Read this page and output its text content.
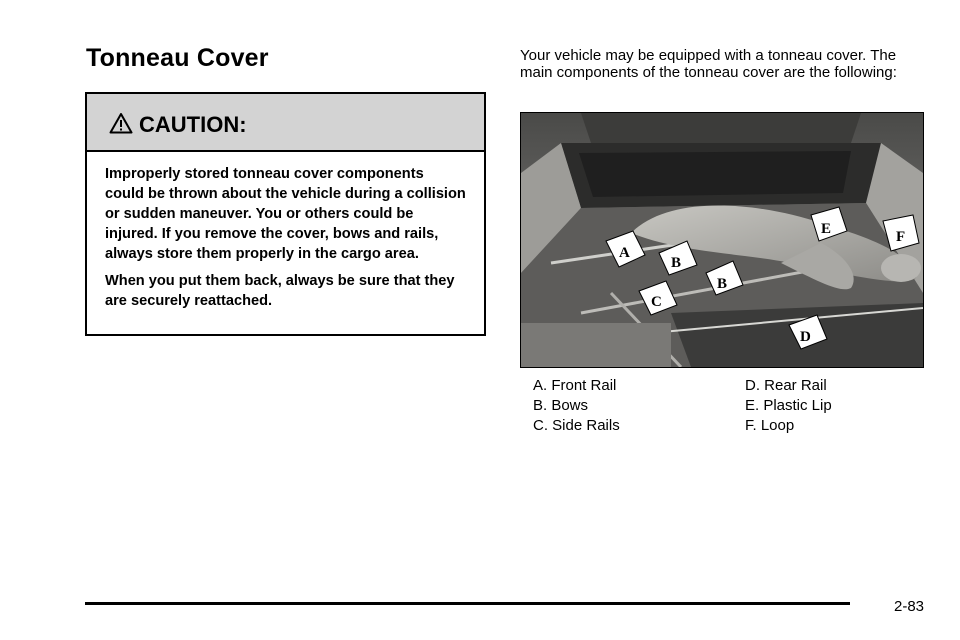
Tonneau Cover
CAUTION:

Improperly stored tonneau cover components could be thrown about the vehicle during a collision or sudden maneuver. You or others could be injured. If you remove the cover, bows and rails, always store them properly in the cargo area.

When you put them back, always be sure that they are securely reattached.

Your vehicle may be equipped with a tonneau cover. The main components of the tonneau cover are the following:

A
B
B
C
D
E	F
A. Front Rail	D. Rear Rail
B. Bows	E. Plastic Lip
C. Side Rails	F. Loop
2-83
